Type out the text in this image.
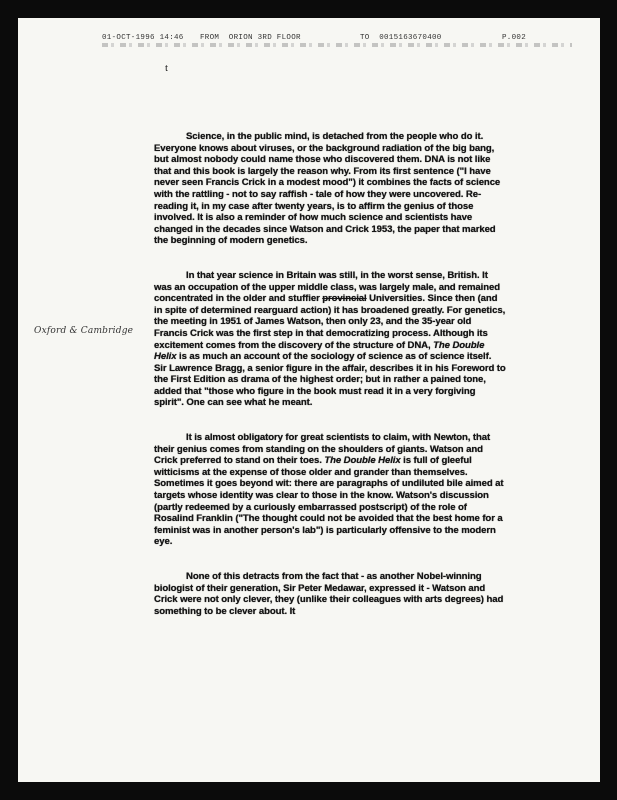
01-OCT-1996 14:46

FROM  ORION 3RD FLOOR

	TO  0015163670400

	P.002

t
Oxford & Cambridge

Science, in the public mind, is detached from the people who do it. Everyone knows about viruses, or the background radiation of the big bang, but almost nobody could name those who discovered them. DNA is not like that and this book is largely the reason why. From its first sentence ("I have never seen Francis Crick in a modest mood") it combines the facts of science with the rattling - not to say raffish - tale of how they were uncovered. Re-reading it, in my case after twenty years, is to affirm the genius of those involved. It is also a reminder of how much science and scientists have changed in the decades since Watson and Crick 1953, the paper that marked the beginning of modern genetics.

In that year science in Britain was still, in the worst sense, British. It was an occupation of the upper middle class, was largely male, and remained concentrated in the older and stuffier provincial Universities. Since then (and in spite of determined rearguard action) it has broadened greatly. For genetics, the meeting in 1951 of James Watson, then only 23, and the 35-year old Francis Crick was the first step in that democratizing process. Although its excitement comes from the discovery of the structure of DNA, The Double Helix is as much an account of the sociology of science as of science itself. Sir Lawrence Bragg, a senior figure in the affair, describes it in his Foreword to the First Edition as drama of the highest order; but in rather a pained tone, added that "those who figure in the book must read it in a very forgiving spirit". One can see what he meant.

It is almost obligatory for great scientists to claim, with Newton, that their genius comes from standing on the shoulders of giants. Watson and Crick preferred to stand on their toes. The Double Helix is full of gleeful witticisms at the expense of those older and grander than themselves. Sometimes it goes beyond wit: there are paragraphs of undiluted bile aimed at targets whose identity was clear to those in the know. Watson's discussion (partly redeemed by a curiously embarrassed postscript) of the role of Rosalind Franklin ("The thought could not be avoided that the best home for a feminist was in another person's lab") is particularly offensive to the modern eye.

None of this detracts from the fact that - as another Nobel-winning biologist of their generation, Sir Peter Medawar, expressed it - Watson and Crick were not only clever, they (unlike their colleagues with arts degrees) had something to be clever about. It
